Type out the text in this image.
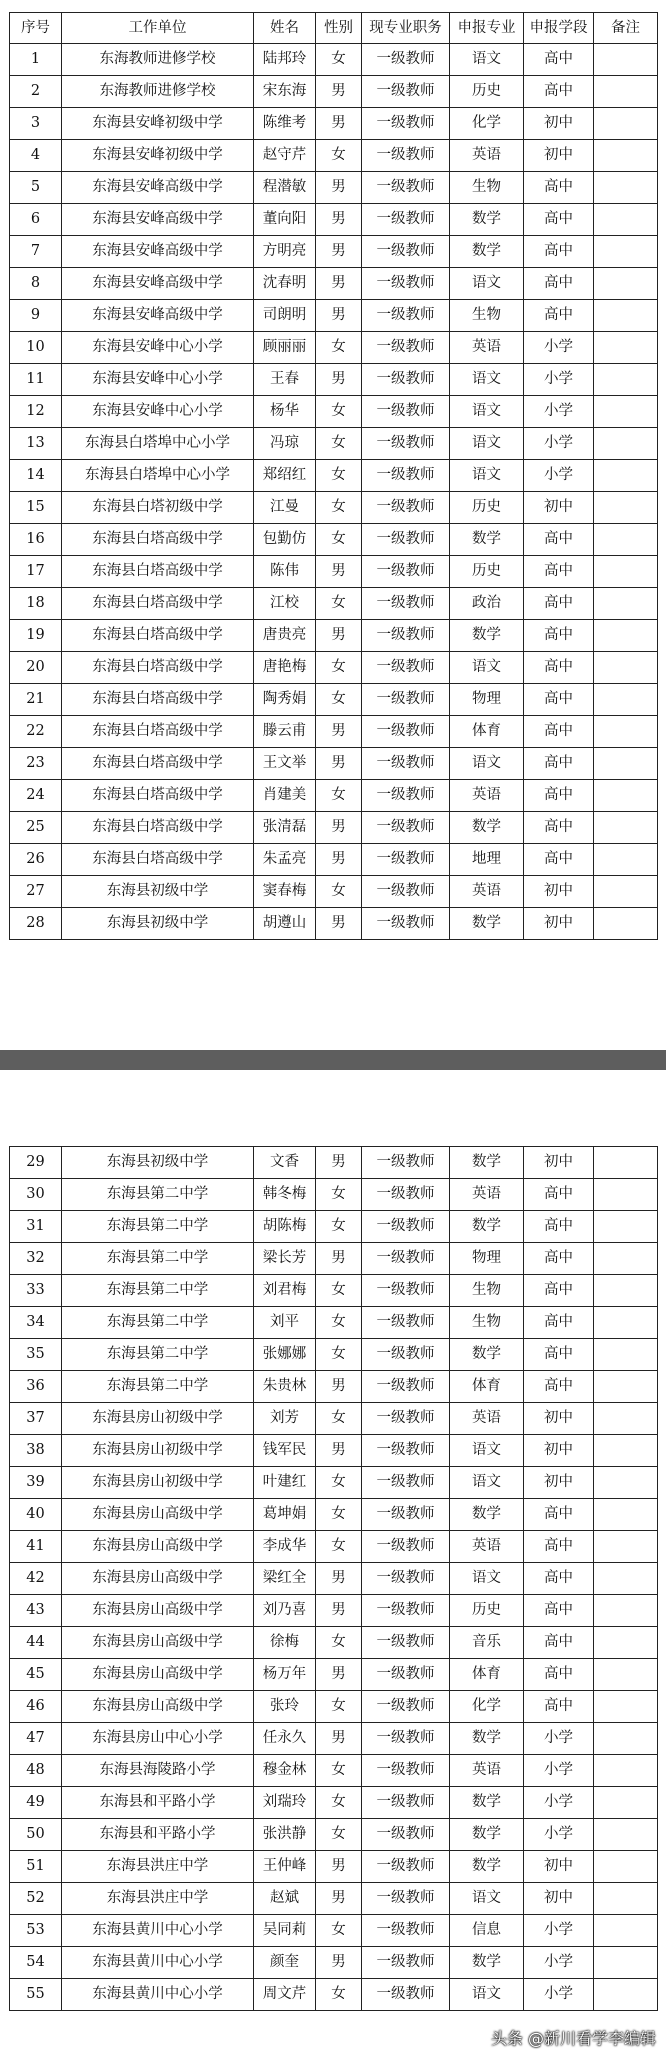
序号	工作单位	姓名	性别	现专业职务	申报专业	申报学段	备注
1	东海教师进修学校	陆邦玲	女	一级教师	语文	高中	
2	东海教师进修学校	宋东海	男	一级教师	历史	高中	
3	东海县安峰初级中学	陈维考	男	一级教师	化学	初中	
4	东海县安峰初级中学	赵守芹	女	一级教师	英语	初中	
5	东海县安峰高级中学	程潜敏	男	一级教师	生物	高中	
6	东海县安峰高级中学	董向阳	男	一级教师	数学	高中	
7	东海县安峰高级中学	方明亮	男	一级教师	数学	高中	
8	东海县安峰高级中学	沈春明	男	一级教师	语文	高中	
9	东海县安峰高级中学	司朗明	男	一级教师	生物	高中	
10	东海县安峰中心小学	顾丽丽	女	一级教师	英语	小学	
11	东海县安峰中心小学	王春	男	一级教师	语文	小学	
12	东海县安峰中心小学	杨华	女	一级教师	语文	小学	
13	东海县白塔埠中心小学	冯琼	女	一级教师	语文	小学	
14	东海县白塔埠中心小学	郑绍红	女	一级教师	语文	小学	
15	东海县白塔初级中学	江曼	女	一级教师	历史	初中	
16	东海县白塔高级中学	包勤仿	女	一级教师	数学	高中	
17	东海县白塔高级中学	陈伟	男	一级教师	历史	高中	
18	东海县白塔高级中学	江校	女	一级教师	政治	高中	
19	东海县白塔高级中学	唐贵亮	男	一级教师	数学	高中	
20	东海县白塔高级中学	唐艳梅	女	一级教师	语文	高中	
21	东海县白塔高级中学	陶秀娟	女	一级教师	物理	高中	
22	东海县白塔高级中学	滕云甫	男	一级教师	体育	高中	
23	东海县白塔高级中学	王文举	男	一级教师	语文	高中	
24	东海县白塔高级中学	肖建美	女	一级教师	英语	高中	
25	东海县白塔高级中学	张清磊	男	一级教师	数学	高中	
26	东海县白塔高级中学	朱孟亮	男	一级教师	地理	高中	
27	东海县初级中学	窦春梅	女	一级教师	英语	初中	
28	东海县初级中学	胡遵山	男	一级教师	数学	初中	
29	东海县初级中学	文香	男	一级教师	数学	初中	
30	东海县第二中学	韩冬梅	女	一级教师	英语	高中	
31	东海县第二中学	胡陈梅	女	一级教师	数学	高中	
32	东海县第二中学	梁长芳	男	一级教师	物理	高中	
33	东海县第二中学	刘君梅	女	一级教师	生物	高中	
34	东海县第二中学	刘平	女	一级教师	生物	高中	
35	东海县第二中学	张娜娜	女	一级教师	数学	高中	
36	东海县第二中学	朱贵林	男	一级教师	体育	高中	
37	东海县房山初级中学	刘芳	女	一级教师	英语	初中	
38	东海县房山初级中学	钱军民	男	一级教师	语文	初中	
39	东海县房山初级中学	叶建红	女	一级教师	语文	初中	
40	东海县房山高级中学	葛坤娟	女	一级教师	数学	高中	
41	东海县房山高级中学	李成华	女	一级教师	英语	高中	
42	东海县房山高级中学	梁红全	男	一级教师	语文	高中	
43	东海县房山高级中学	刘乃喜	男	一级教师	历史	高中	
44	东海县房山高级中学	徐梅	女	一级教师	音乐	高中	
45	东海县房山高级中学	杨万年	男	一级教师	体育	高中	
46	东海县房山高级中学	张玲	女	一级教师	化学	高中	
47	东海县房山中心小学	任永久	男	一级教师	数学	小学	
48	东海县海陵路小学	穆金林	女	一级教师	英语	小学	
49	东海县和平路小学	刘瑞玲	女	一级教师	数学	小学	
50	东海县和平路小学	张洪静	女	一级教师	数学	小学	
51	东海县洪庄中学	王仲峰	男	一级教师	数学	初中	
52	东海县洪庄中学	赵斌	男	一级教师	语文	初中	
53	东海县黄川中心小学	吴同莉	女	一级教师	信息	小学	
54	东海县黄川中心小学	颜奎	男	一级教师	数学	小学	
55	东海县黄川中心小学	周文芹	女	一级教师	语文	小学	
头条 @新川看学李编辑
